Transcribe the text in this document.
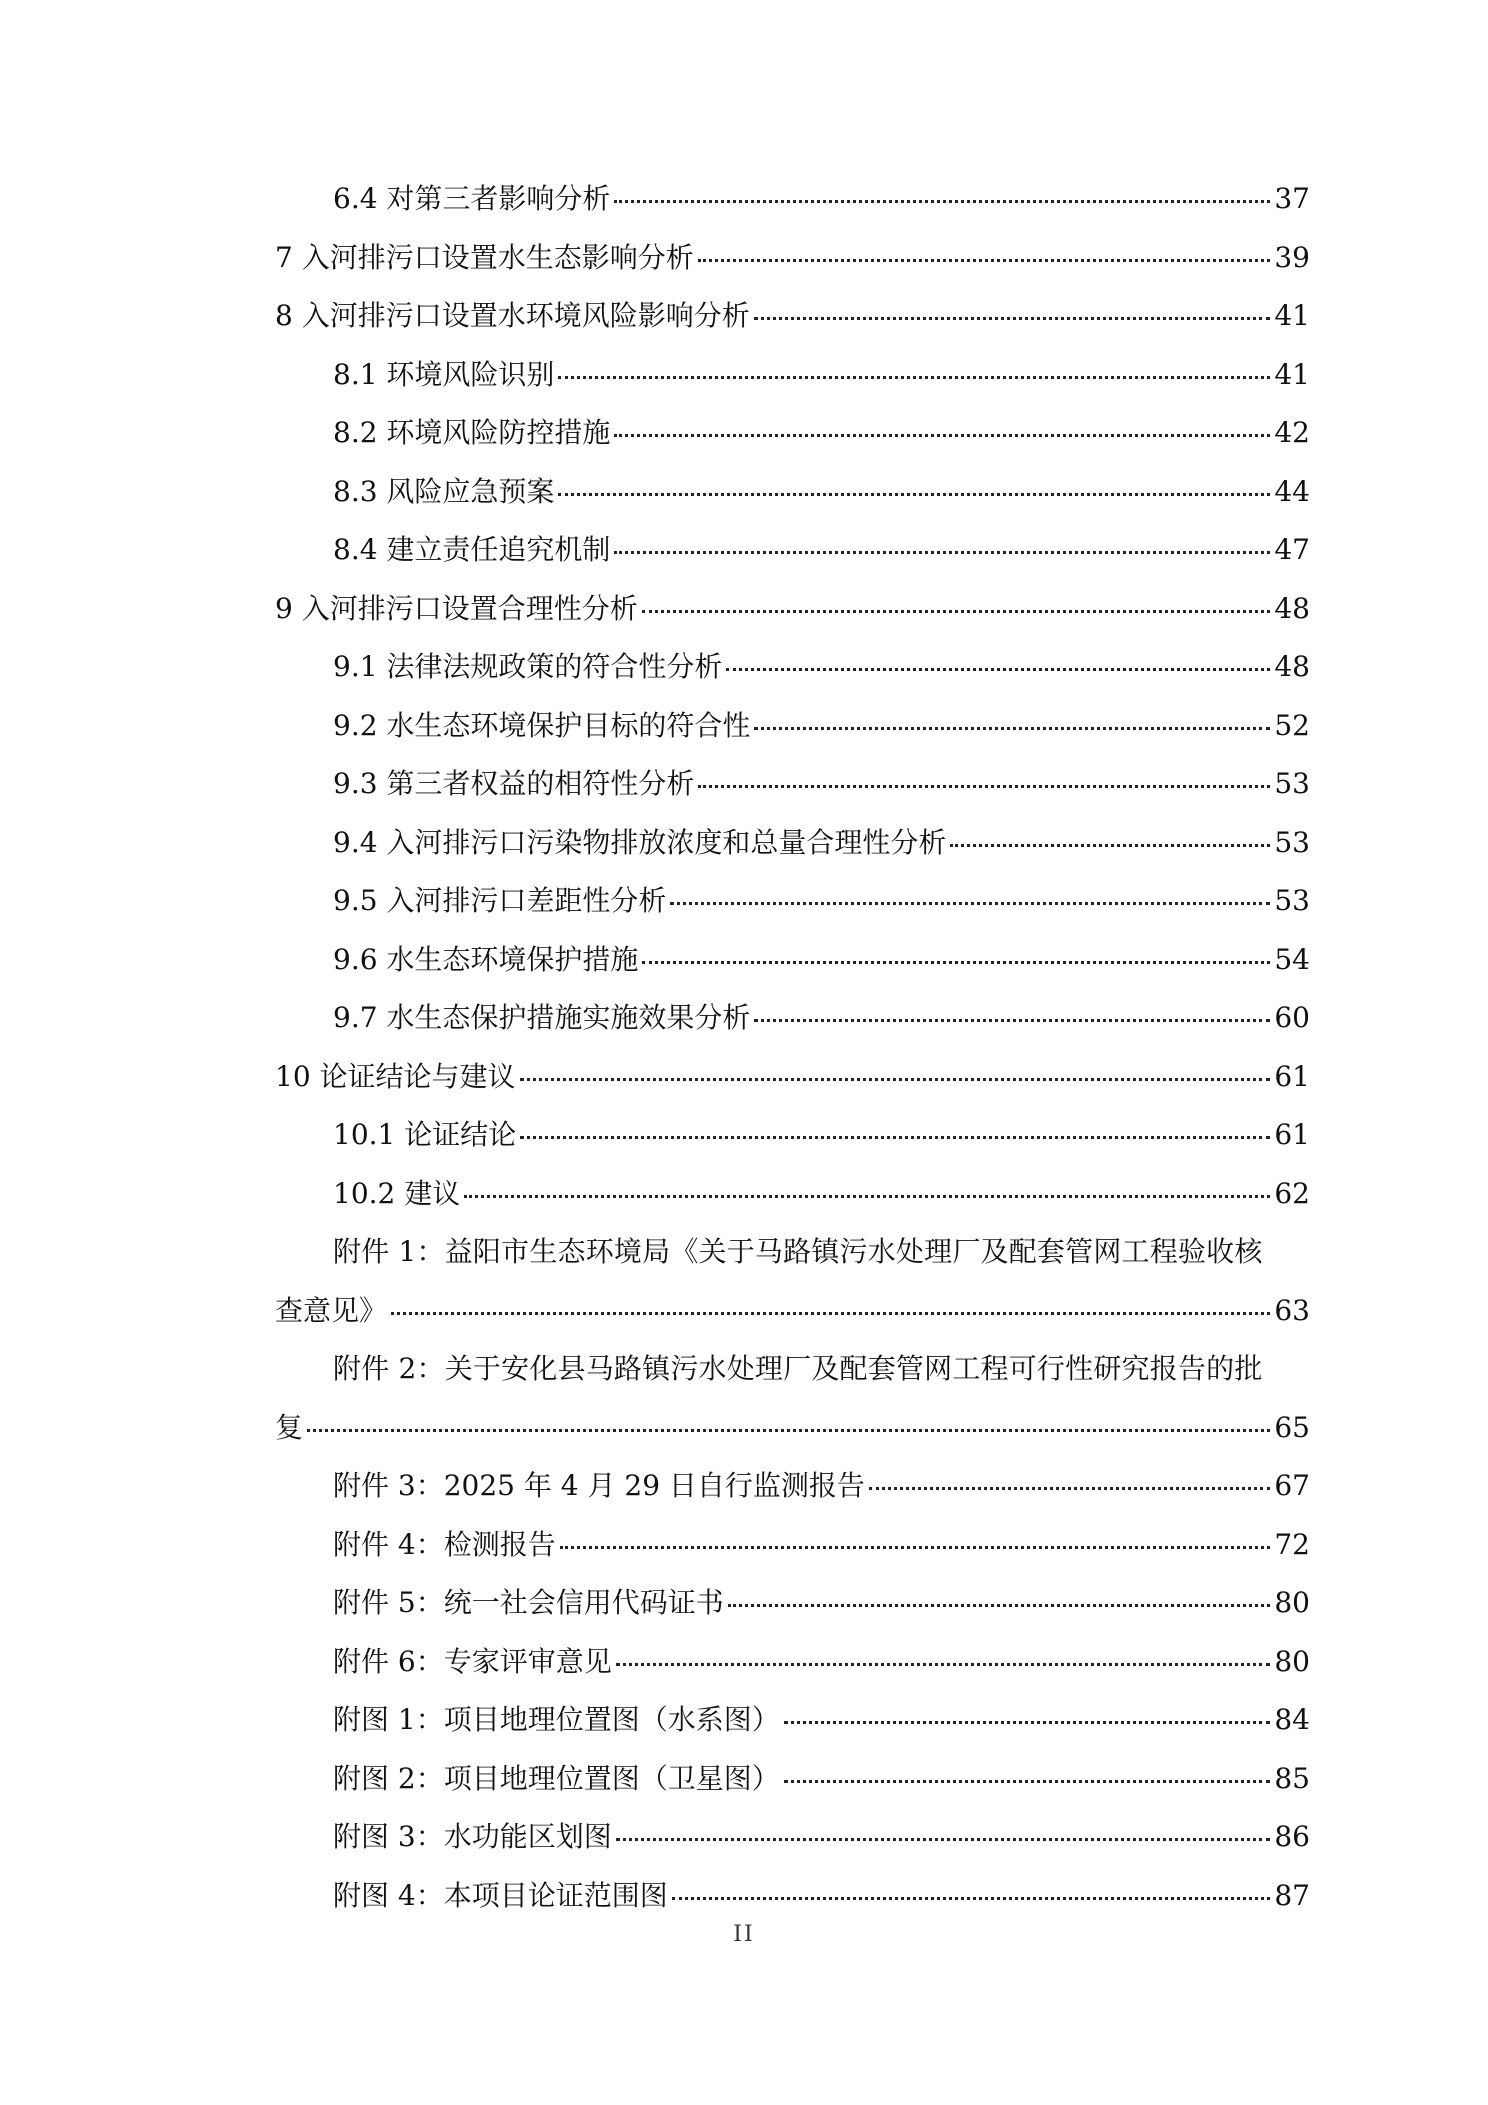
6.4 对第三者影响分析	37
7 入河排污口设置水生态影响分析	39
8 入河排污口设置水环境风险影响分析	41
8.1 环境风险识别	41
8.2 环境风险防控措施	42
8.3 风险应急预案	44
8.4 建立责任追究机制	47
9 入河排污口设置合理性分析	48
9.1 法律法规政策的符合性分析	48
9.2 水生态环境保护目标的符合性	52
9.3 第三者权益的相符性分析	53
9.4 入河排污口污染物排放浓度和总量合理性分析	53
9.5 入河排污口差距性分析	53
9.6 水生态环境保护措施	54
9.7 水生态保护措施实施效果分析	60
10 论证结论与建议	61
10.1 论证结论	61
10.2 建议	62
附件 1：益阳市生态环境局《关于马路镇污水处理厂及配套管网工程验收核
查意见》	63
附件 2：关于安化县马路镇污水处理厂及配套管网工程可行性研究报告的批
复	65
附件 3：2025 年 4 月 29 日自行监测报告	67
附件 4：检测报告	72
附件 5：统一社会信用代码证书	80
附件 6：专家评审意见	80
附图 1：项目地理位置图（水系图）	84
附图 2：项目地理位置图（卫星图）	85
附图 3：水功能区划图	86
附图 4：本项目论证范围图	87
II
